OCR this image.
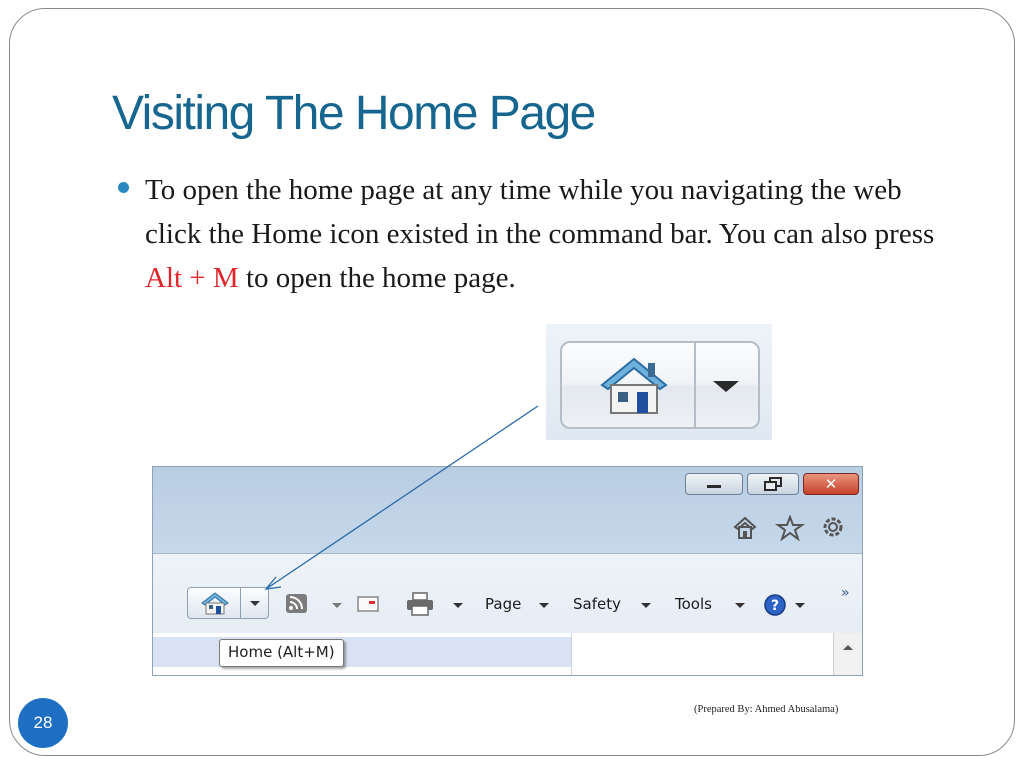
Visiting The Home Page
To open the home page at any time while you navigating the web click the Home icon existed in the command bar. You can also press Alt + M to open the home page.
✕
Page	Safety	Tools	?
»
Home (Alt+M)
28
(Prepared By: Ahmed Abusalama)
